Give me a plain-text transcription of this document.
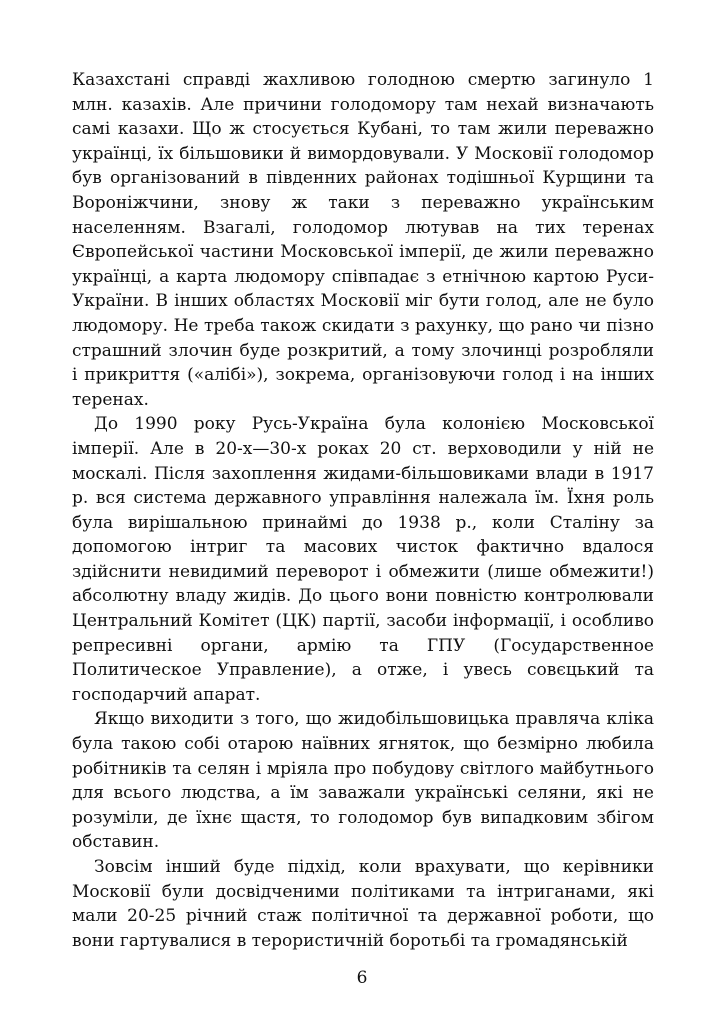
Казахстані справді жахливою голодною смертю загинуло 1 млн. казахів. Але причини голодомору там нехай визначають самі казахи. Що ж стосується Кубані, то там жили переважно українці, їх більшовики й вимордовували. У Московії голодомор був організований в південних районах тодішньої Курщини та Вороніжчини, знову ж таки з переважно українським населенням. Взагалі, голодомор лютував на тих теренах Європейської частини Московської імперії, де жили переважно українці, а карта людомору співпадає з етнічною картою Руси-України. В інших областях Московії міг бути голод, але не було людомору. Не треба також скидати з рахунку, що рано чи пізно страшний злочин буде розкритий, а тому злочинці розробляли і прикриття («алібі»), зокрема, організовуючи голод і на інших теренах.

До 1990 року Русь-Україна була колонією Московської імперії. Але в 20-х—30-х роках 20 ст. верховодили у ній не москалі. Після захоплення жидами-більшовиками влади в 1917 р. вся система державного управління належала їм. Їхня роль була вирішальною принаймі до 1938 р., коли Сталіну за допомогою інтриг та масових чисток фактично вдалося здійснити невидимий переворот і обмежити (лише обмежити!) абсолютну владу жидів. До цього вони повністю контролювали Центральний Комітет (ЦК) партії, засоби інформації, і особливо репресивні органи, армію та ГПУ (Государственное Политическое Управление), а отже, і увесь совєцький та господарчий апарат.

Якщо виходити з того, що жидобільшовицька правляча кліка була такою собі отарою наївних ягняток, що безмірно любила робітників та селян і мріяла про побудову світлого майбутнього для всього людства, а їм заважали українські селяни, які не розуміли, де їхнє щастя, то голодомор був випадковим збігом обставин.

Зовсім інший буде підхід, коли врахувати, що керівники Московії були досвідченими політиками та інтриганами, які мали 20-25 річний стаж політичної та державної роботи, що вони гартувалися в терористичній боротьбі та громадянській

6
